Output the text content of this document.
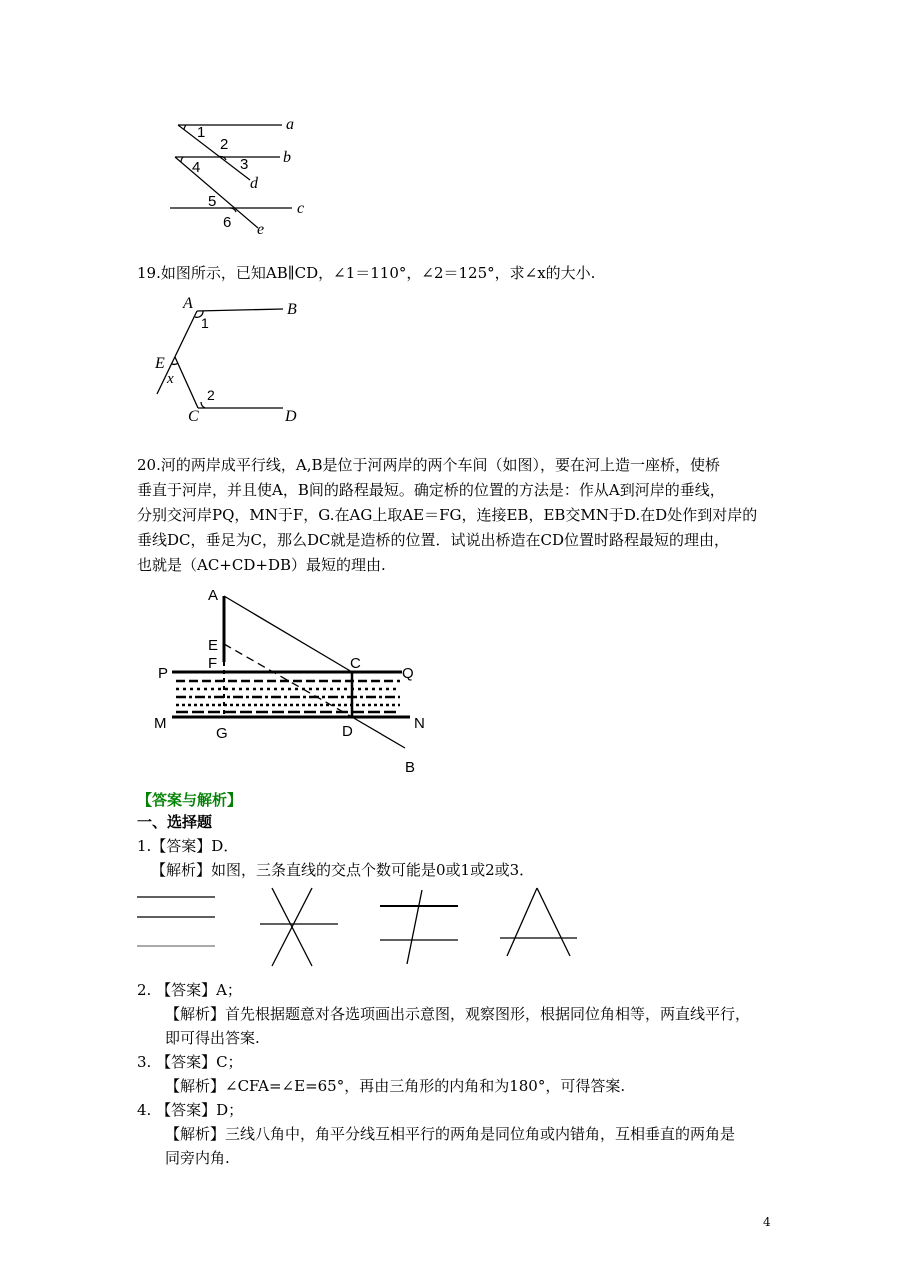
1
2
3
4
5
6
a
b
c
d
e
19.如图所示，已知AB∥CD，∠1＝110°，∠2＝125°，求∠x的大小.
A	B
1
E
x
2
C	D
20.河的两岸成平行线，A,B是位于河两岸的两个车间（如图），要在河上造一座桥，使桥
垂直于河岸，并且使A，B间的路程最短。确定桥的位置的方法是：作从A到河岸的垂线，
分别交河岸PQ，MN于F，G.在AG上取AE＝FG，连接EB，EB交MN于D.在D处作到对岸的
垂线DC，垂足为C，那么DC就是造桥的位置．试说出桥造在CD位置时路程最短的理由，
也就是（AC+CD+DB）最短的理由.
A
E
F
P
C
Q
M
G	D	N
B
【答案与解析】
一、选择题
1.【答案】D．
【解析】如图，三条直线的交点个数可能是0或1或2或3．
2. 【答案】A；
【解析】首先根据题意对各选项画出示意图，观察图形，根据同位角相等，两直线平行，
即可得出答案.
3. 【答案】C；
【解析】∠CFA=∠E=65°，再由三角形的内角和为180°，可得答案.
4. 【答案】D；
【解析】三线八角中，角平分线互相平行的两角是同位角或内错角，互相垂直的两角是
同旁内角.
4
